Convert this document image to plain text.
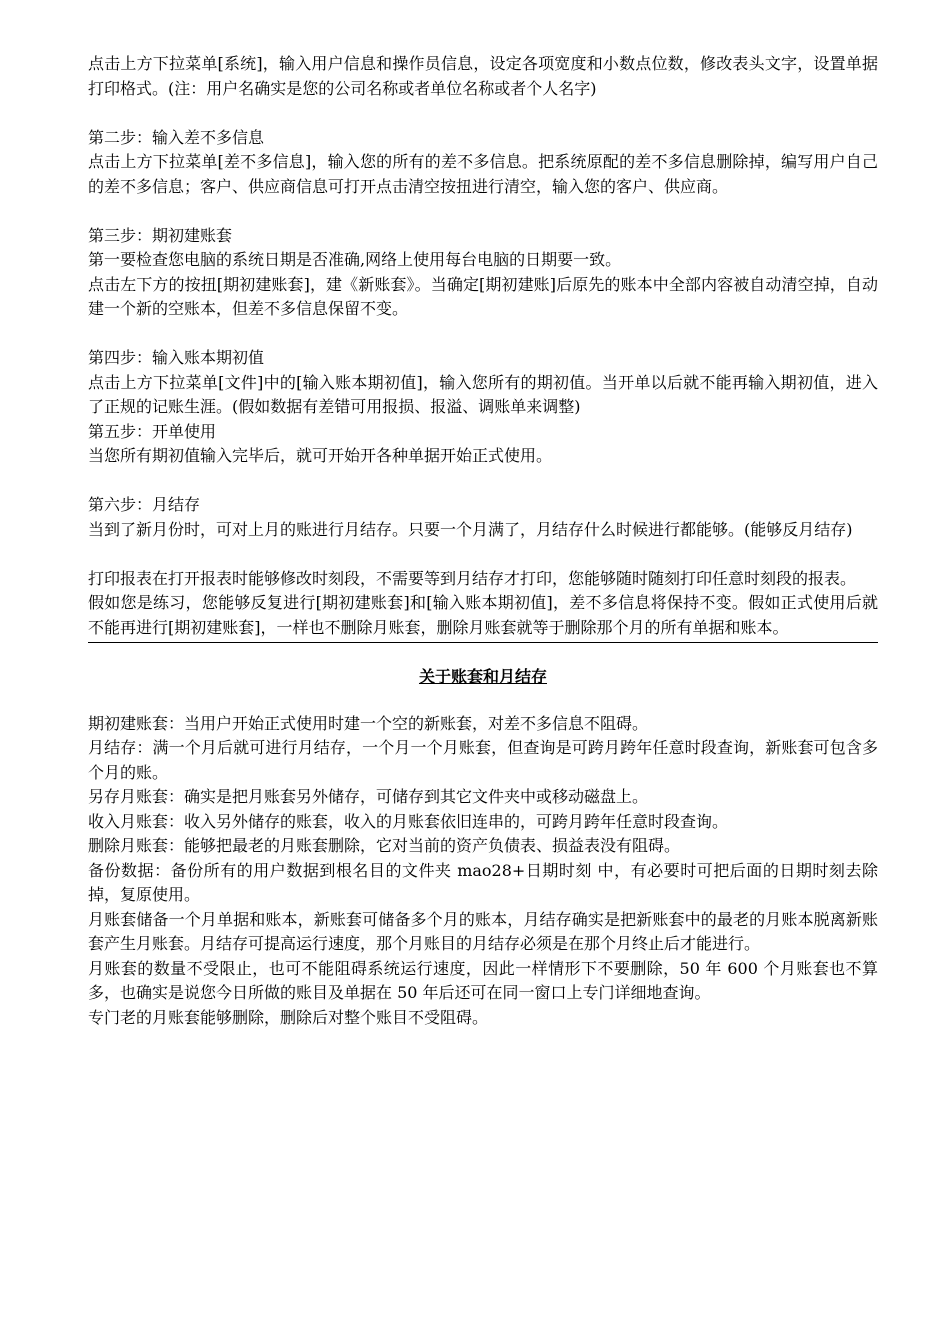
点击上方下拉菜单[系统]，输入用户信息和操作员信息，设定各项宽度和小数点位数，修改表头文字，设置单据打印格式。(注：用户名确实是您的公司名称或者单位名称或者个人名字)

第二步：输入差不多信息

点击上方下拉菜单[差不多信息]，输入您的所有的差不多信息。把系统原配的差不多信息删除掉，编写用户自己的差不多信息；客户、供应商信息可打开点击清空按扭进行清空，输入您的客户、供应商。

第三步：期初建账套

第一要检查您电脑的系统日期是否准确,网络上使用每台电脑的日期要一致。

点击左下方的按扭[期初建账套]，建《新账套》。当确定[期初建账]后原先的账本中全部内容被自动清空掉，自动建一个新的空账本，但差不多信息保留不变。

第四步：输入账本期初值

点击上方下拉菜单[文件]中的[输入账本期初值]，输入您所有的期初值。当开单以后就不能再输入期初值，进入了正规的记账生涯。(假如数据有差错可用报损、报溢、调账单来调整)

第五步：开单使用

当您所有期初值输入完毕后，就可开始开各种单据开始正式使用。

第六步：月结存

当到了新月份时，可对上月的账进行月结存。只要一个月满了，月结存什么时候进行都能够。(能够反月结存)

打印报表在打开报表时能够修改时刻段，不需要等到月结存才打印，您能够随时随刻打印任意时刻段的报表。

假如您是练习，您能够反复进行[期初建账套]和[输入账本期初值]，差不多信息将保持不变。假如正式使用后就不能再进行[期初建账套]，一样也不删除月账套，删除月账套就等于删除那个月的所有单据和账本。

关于账套和月结存

期初建账套：当用户开始正式使用时建一个空的新账套，对差不多信息不阻碍。

月结存：满一个月后就可进行月结存，一个月一个月账套，但查询是可跨月跨年任意时段查询，新账套可包含多个月的账。

另存月账套：确实是把月账套另外储存，可储存到其它文件夹中或移动磁盘上。

收入月账套：收入另外储存的账套，收入的月账套依旧连串的，可跨月跨年任意时段查询。

删除月账套：能够把最老的月账套删除，它对当前的资产负债表、损益表没有阻碍。

备份数据：备份所有的用户数据到根名目的文件夹 mao28+日期时刻 中，有必要时可把后面的日期时刻去除掉，复原使用。

月账套储备一个月单据和账本，新账套可储备多个月的账本，月结存确实是把新账套中的最老的月账本脱离新账套产生月账套。月结存可提高运行速度，那个月账目的月结存必须是在那个月终止后才能进行。

月账套的数量不受限止，也可不能阻碍系统运行速度，因此一样情形下不要删除，50 年 600 个月账套也不算多，也确实是说您今日所做的账目及单据在 50 年后还可在同一窗口上专门详细地查询。

专门老的月账套能够删除，删除后对整个账目不受阻碍。
